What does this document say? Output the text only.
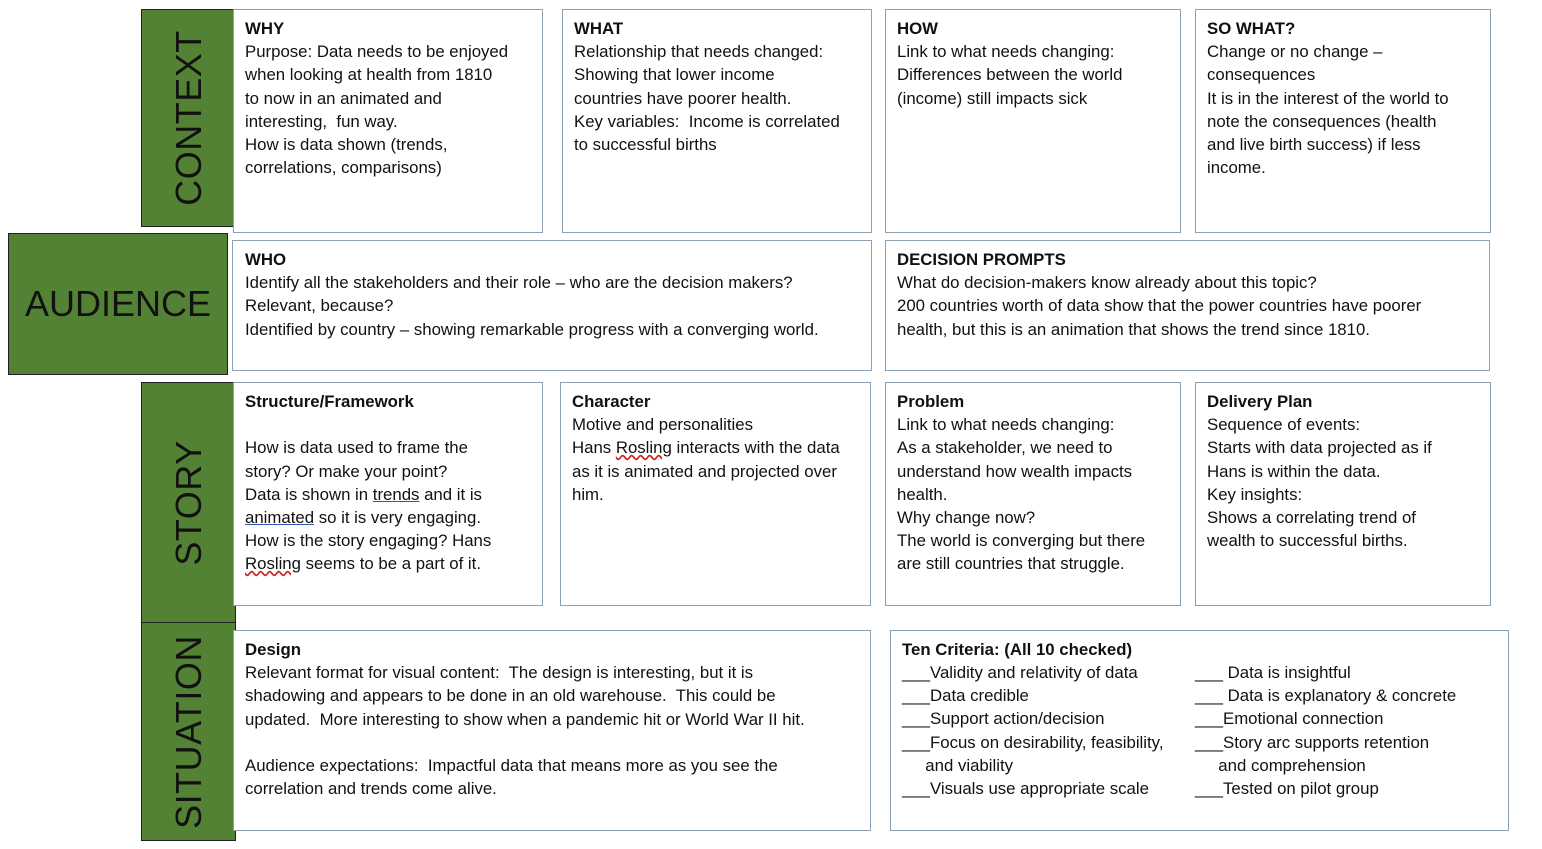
CONTEXT
AUDIENCE
STORY
SITUATION
WHY
Purpose: Data needs to be enjoyed
when looking at health from 1810
to now in an animated and
interesting,  fun way.
How is data shown (trends,
correlations, comparisons)
WHAT
Relationship that needs changed:
Showing that lower income
countries have poorer health.
Key variables:  Income is correlated
to successful births
HOW
Link to what needs changing:
Differences between the world
(income) still impacts sick
SO WHAT?
Change or no change –
consequences
It is in the interest of the world to
note the consequences (health
and live birth success) if less
income.
WHO
Identify all the stakeholders and their role – who are the decision makers?
Relevant, because?
Identified by country – showing remarkable progress with a converging world.
DECISION PROMPTS
What do decision-makers know already about this topic?
200 countries worth of data show that the power countries have poorer
health, but this is an animation that shows the trend since 1810.
Structure/Framework
How is data used to frame the
story? Or make your point?
Data is shown in trends and it is
animated so it is very engaging.
How is the story engaging? Hans
Rosling seems to be a part of it.
Character
Motive and personalities
Hans Rosling interacts with the data
as it is animated and projected over
him.
Problem
Link to what needs changing:
As a stakeholder, we need to
understand how wealth impacts
health.
Why change now?
The world is converging but there
are still countries that struggle.
Delivery Plan
Sequence of events:
Starts with data projected as if
Hans is within the data.
Key insights:
Shows a correlating trend of
wealth to successful births.
Design
Relevant format for visual content:  The design is interesting, but it is
shadowing and appears to be done in an old warehouse.  This could be
updated.  More interesting to show when a pandemic hit or World War II hit.
Audience expectations:  Impactful data that means more as you see the
correlation and trends come alive.
Ten Criteria: (All 10 checked)
___Validity and relativity of data
___Data credible
___Support action/decision
___Focus on desirability, feasibility,
and viability
___Visuals use appropriate scale
___ Data is insightful
___ Data is explanatory & concrete
___Emotional connection
___Story arc supports retention
and comprehension
___Tested on pilot group
